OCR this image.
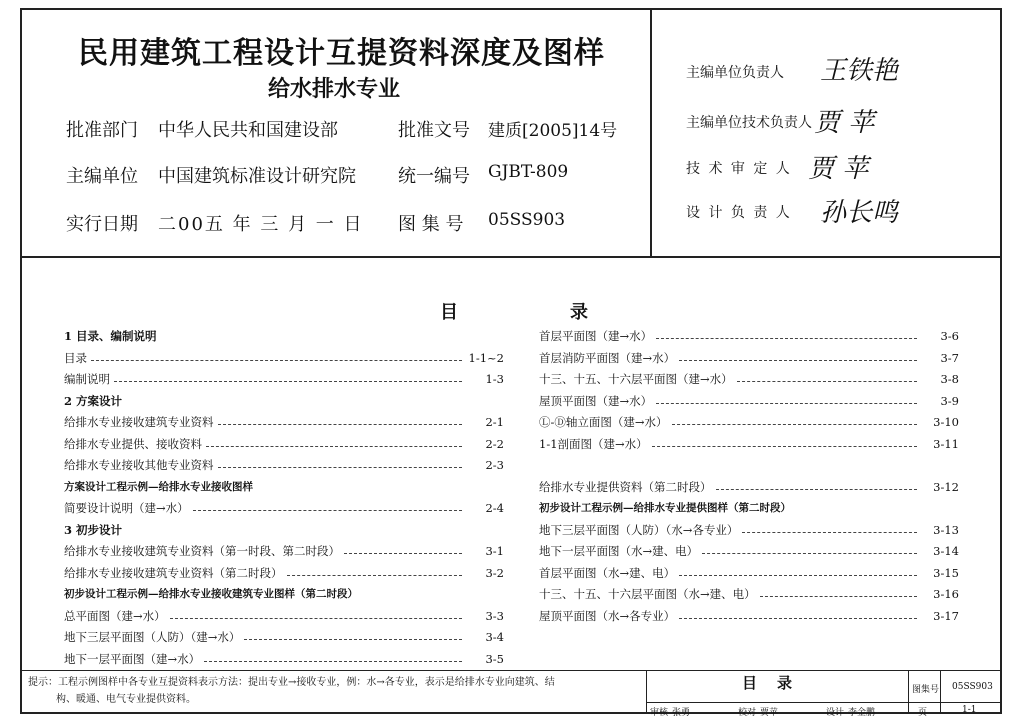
民用建筑工程设计互提资料深度及图样
给水排水专业
批准部门 中华人民共和国建设部	批准文号 建质[2005]14号
主编单位 中国建筑标准设计研究院 统一编号 GJBT-809
实行日期 二00五 年 三 月 一 日 图 集 号 05SS903
主编单位负责人 王铁艳
主编单位技术负责人 贾 苹
技 术 审 定 人 贾 苹
设 计 负 责 人 孙长鸣
目	录
1 目录、编制说明
目录	1-1~2
编制说明	1-3
2 方案设计
给排水专业接收建筑专业资料	2-1
给排水专业提供、接收资料	2-2
给排水专业接收其他专业资料	2-3
方案设计工程示例—给排水专业接收图样
简要设计说明（建→水）	2-4
3 初步设计
给排水专业接收建筑专业资料（第一时段、第二时段）	3-1
给排水专业接收建筑专业资料（第二时段）	3-2
初步设计工程示例—给排水专业接收建筑专业图样（第二时段）
总平面图（建→水）	3-3
地下三层平面图（人防）（建→水）	3-4
地下一层平面图（建→水）	3-5
首层平面图（建→水）	3-6
首层消防平面图（建→水）	3-7
十三、十五、十六层平面图（建→水）	3-8
屋顶平面图（建→水）	3-9
Ⓛ-Ⓓ轴立面图（建→水）	3-10
1-1剖面图（建→水）	3-11
给排水专业提供资料（第二时段）	3-12
初步设计工程示例—给排水专业提供图样（第二时段）
地下三层平面图（人防）（水→各专业）	3-13
地下一层平面图（水→建、电）	3-14
首层平面图（水→建、电）	3-15
十三、十五、十六层平面图（水→建、电）	3-16
屋顶平面图（水→各专业）	3-17
提示：工程示例图样中各专业互提资料表示方法：提出专业→接收专业，例：水→各专业，表示是给排水专业向建筑、结
构、暖通、电气专业提供资料。
目录	图集号 05SS903
审核 张勇	校对 贾苹	设计 李金鹏	页	1-1
